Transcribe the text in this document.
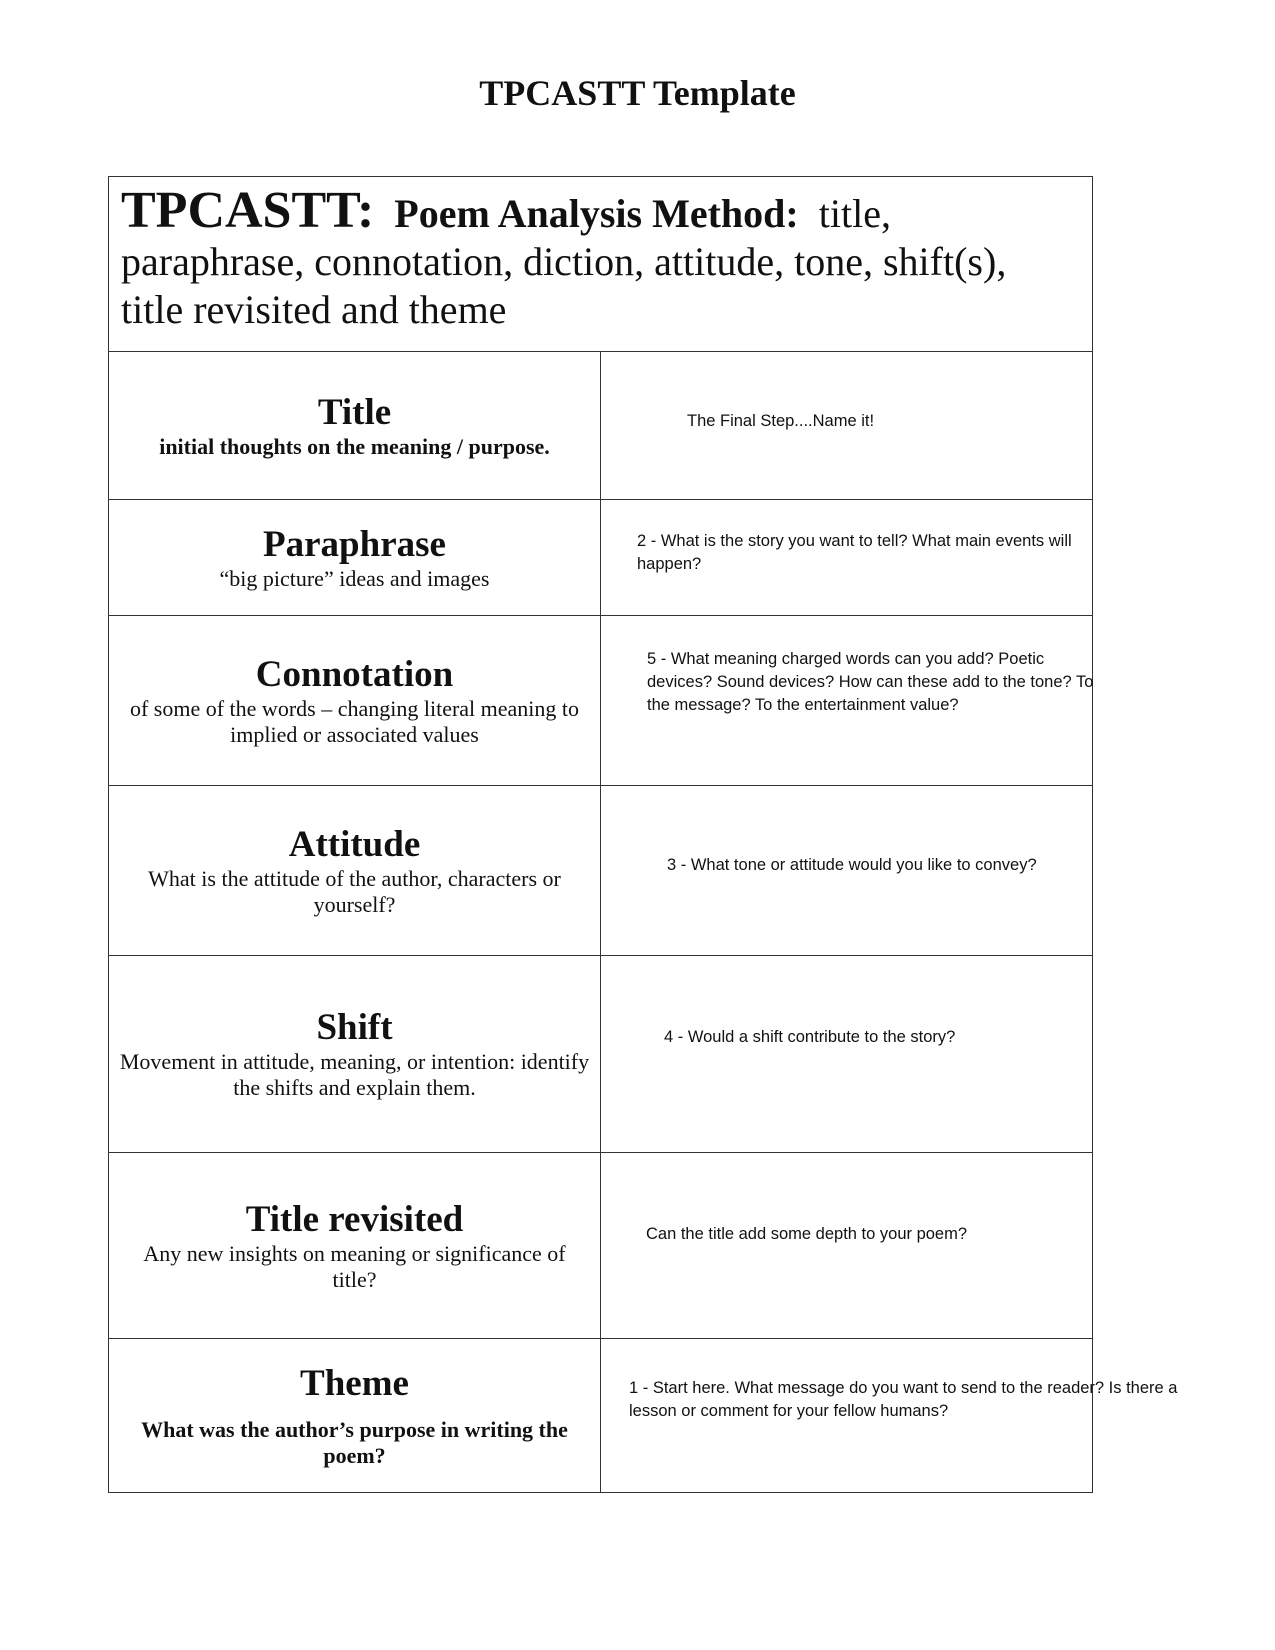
TPCASTT Template
TPCASTT: Poem Analysis Method: title,
paraphrase, connotation, diction, attitude, tone, shift(s),
title revisited and theme	

Title
initial thoughts on the meaning / purpose.	The Final Step....Name it!

Paraphrase
“big picture” ideas and images	2 - What is the story you want to tell? What main events will happen?

Connotation
of some of the words – changing literal meaning to implied or associated values	5 - What meaning charged words can you add? Poetic devices? Sound devices? How can these add to the tone? To the message? To the entertainment value?

Attitude
What is the attitude of the author, characters or yourself?	3 - What tone or attitude would you like to convey?

Shift
Movement in attitude, meaning, or intention: identify the shifts and explain them.	4 - Would a shift contribute to the story?

Title revisited
Any new insights on meaning or significance of title?	Can the title add some depth to your poem?

Theme
What was the author’s purpose in writing the poem?	1 - Start here. What message do you want to send to the reader? Is there a lesson or comment for your fellow humans?
